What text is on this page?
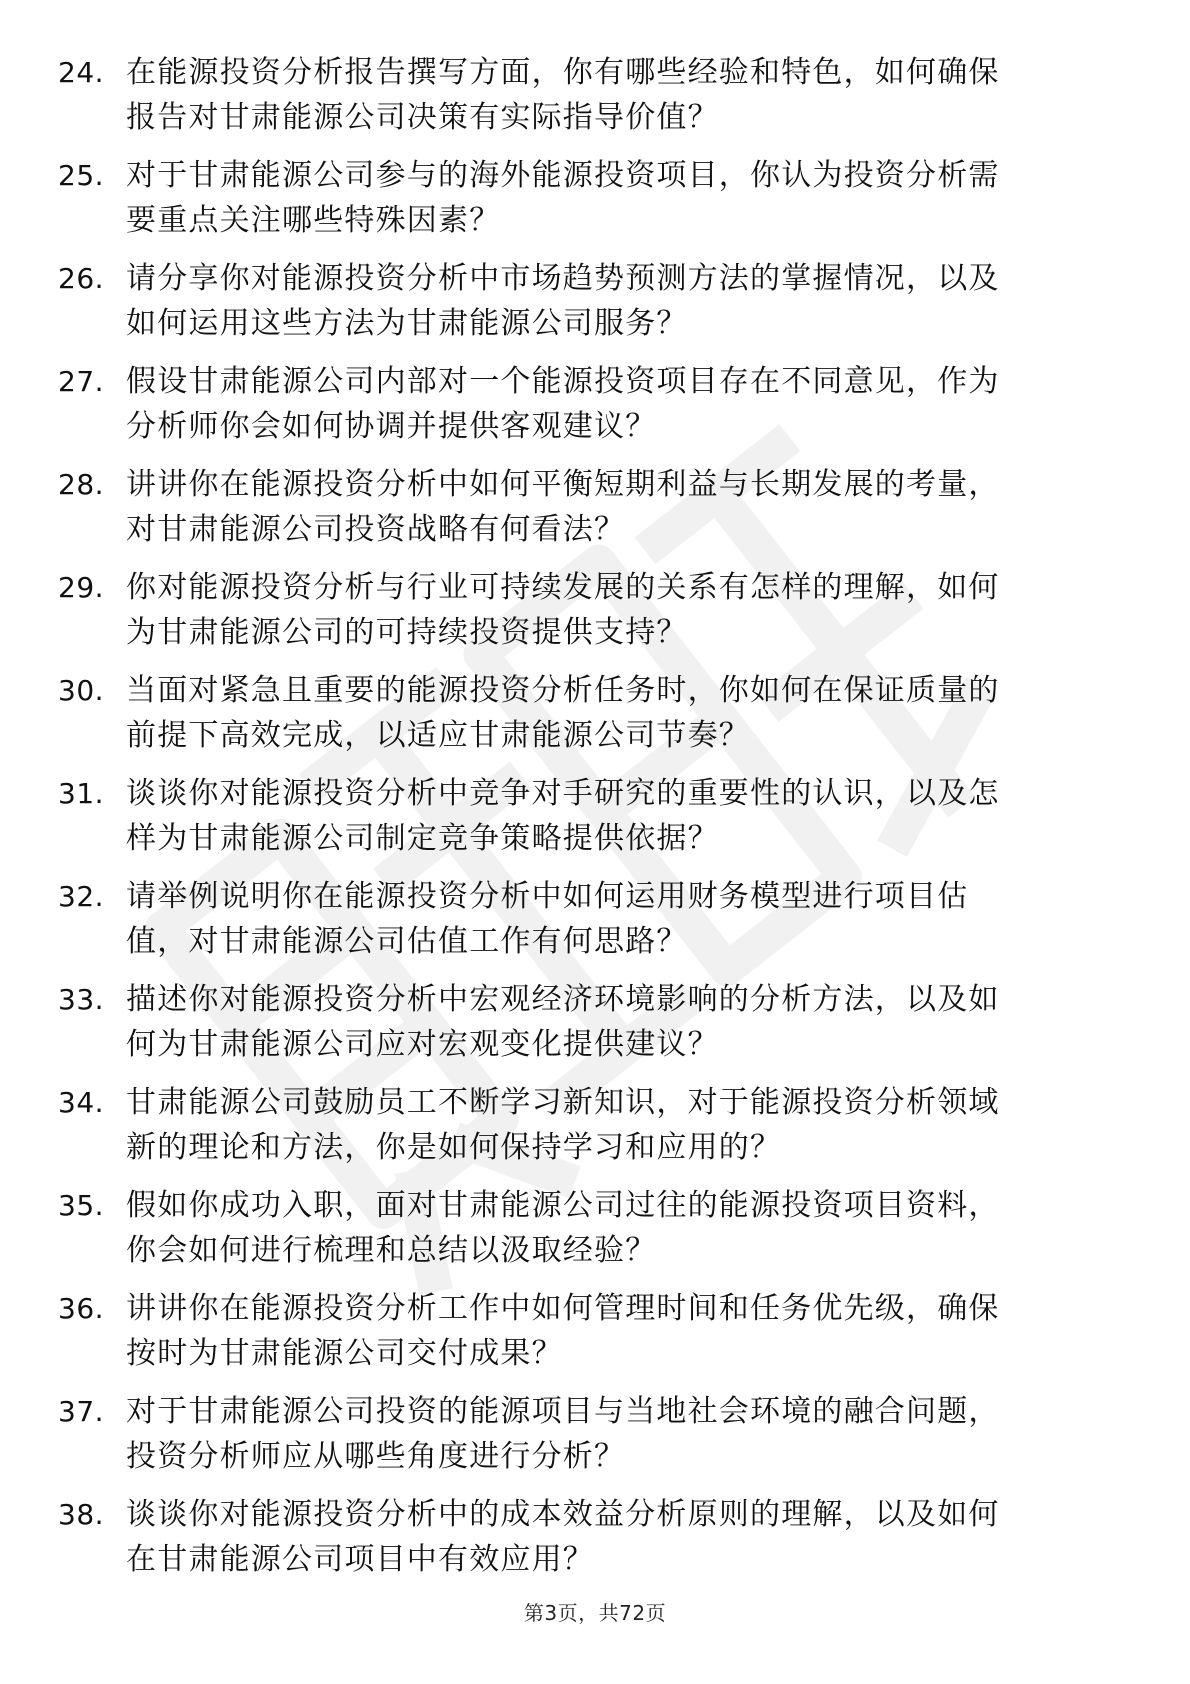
24. 在能源投资分析报告撰写方面，你有哪些经验和特色，如何确保
报告对甘肃能源公司决策有实际指导价值？
25. 对于甘肃能源公司参与的海外能源投资项目，你认为投资分析需
要重点关注哪些特殊因素？
26. 请分享你对能源投资分析中市场趋势预测方法的掌握情况，以及
如何运用这些方法为甘肃能源公司服务？
27. 假设甘肃能源公司内部对一个能源投资项目存在不同意见，作为
分析师你会如何协调并提供客观建议？
28. 讲讲你在能源投资分析中如何平衡短期利益与长期发展的考量，
对甘肃能源公司投资战略有何看法？
29. 你对能源投资分析与行业可持续发展的关系有怎样的理解，如何
为甘肃能源公司的可持续投资提供支持？
30. 当面对紧急且重要的能源投资分析任务时，你如何在保证质量的
前提下高效完成，以适应甘肃能源公司节奏？
31. 谈谈你对能源投资分析中竞争对手研究的重要性的认识，以及怎
样为甘肃能源公司制定竞争策略提供依据？
32. 请举例说明你在能源投资分析中如何运用财务模型进行项目估
值，对甘肃能源公司估值工作有何思路？
33. 描述你对能源投资分析中宏观经济环境影响的分析方法，以及如
何为甘肃能源公司应对宏观变化提供建议？
34. 甘肃能源公司鼓励员工不断学习新知识，对于能源投资分析领域
新的理论和方法，你是如何保持学习和应用的？
35. 假如你成功入职，面对甘肃能源公司过往的能源投资项目资料，
你会如何进行梳理和总结以汲取经验？
36. 讲讲你在能源投资分析工作中如何管理时间和任务优先级，确保
按时为甘肃能源公司交付成果？
37. 对于甘肃能源公司投资的能源项目与当地社会环境的融合问题，
投资分析师应从哪些角度进行分析？
38. 谈谈你对能源投资分析中的成本效益分析原则的理解，以及如何
在甘肃能源公司项目中有效应用？
第3页，共72页
